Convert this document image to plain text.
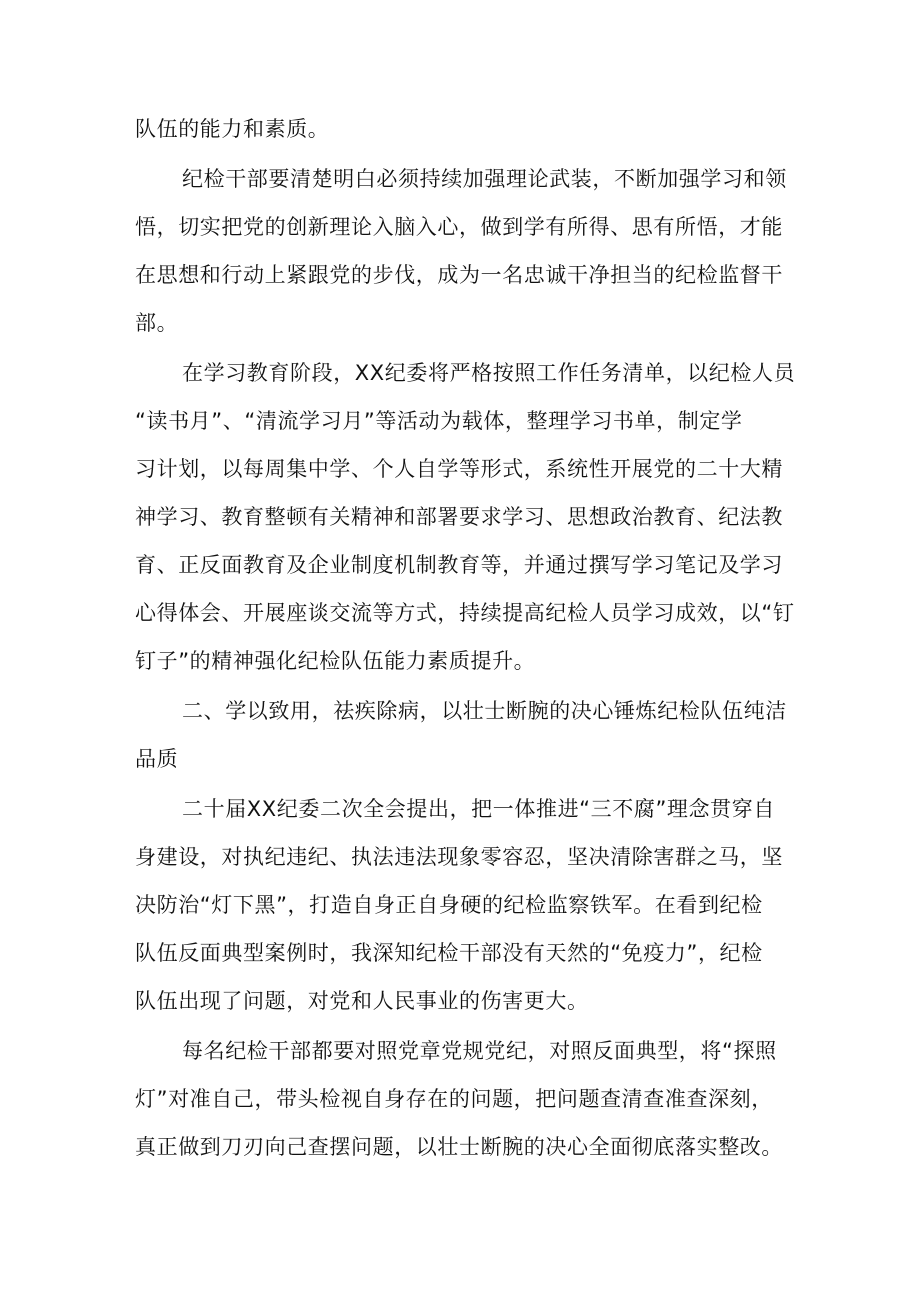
队伍的能力和素质。

纪检干部要清楚明白必须持续加强理论武装，不断加强学习和领

悟，切实把党的创新理论入脑入心，做到学有所得、思有所悟，才能

在思想和行动上紧跟党的步伐，成为一名忠诚干净担当的纪检监督干

部。

在学习教育阶段，XX纪委将严格按照工作任务清单，以纪检人员

“读书月”、“清流学习月”等活动为载体，整理学习书单，制定学

习计划，以每周集中学、个人自学等形式，系统性开展党的二十大精

神学习、教育整顿有关精神和部署要求学习、思想政治教育、纪法教

育、正反面教育及企业制度机制教育等，并通过撰写学习笔记及学习

心得体会、开展座谈交流等方式，持续提高纪检人员学习成效，以“钉

钉子”的精神强化纪检队伍能力素质提升。

二、学以致用，祛疾除病，以壮士断腕的决心锤炼纪检队伍纯洁

品质

二十届XX纪委二次全会提出，把一体推进“三不腐”理念贯穿自

身建设，对执纪违纪、执法违法现象零容忍，坚决清除害群之马，坚

决防治“灯下黑”，打造自身正自身硬的纪检监察铁军。在看到纪检

队伍反面典型案例时，我深知纪检干部没有天然的“免疫力”，纪检

队伍出现了问题，对党和人民事业的伤害更大。

每名纪检干部都要对照党章党规党纪，对照反面典型，将“探照

灯”对准自己，带头检视自身存在的问题，把问题查清查准查深刻，

真正做到刀刃向己查摆问题，以壮士断腕的决心全面彻底落实整改。
